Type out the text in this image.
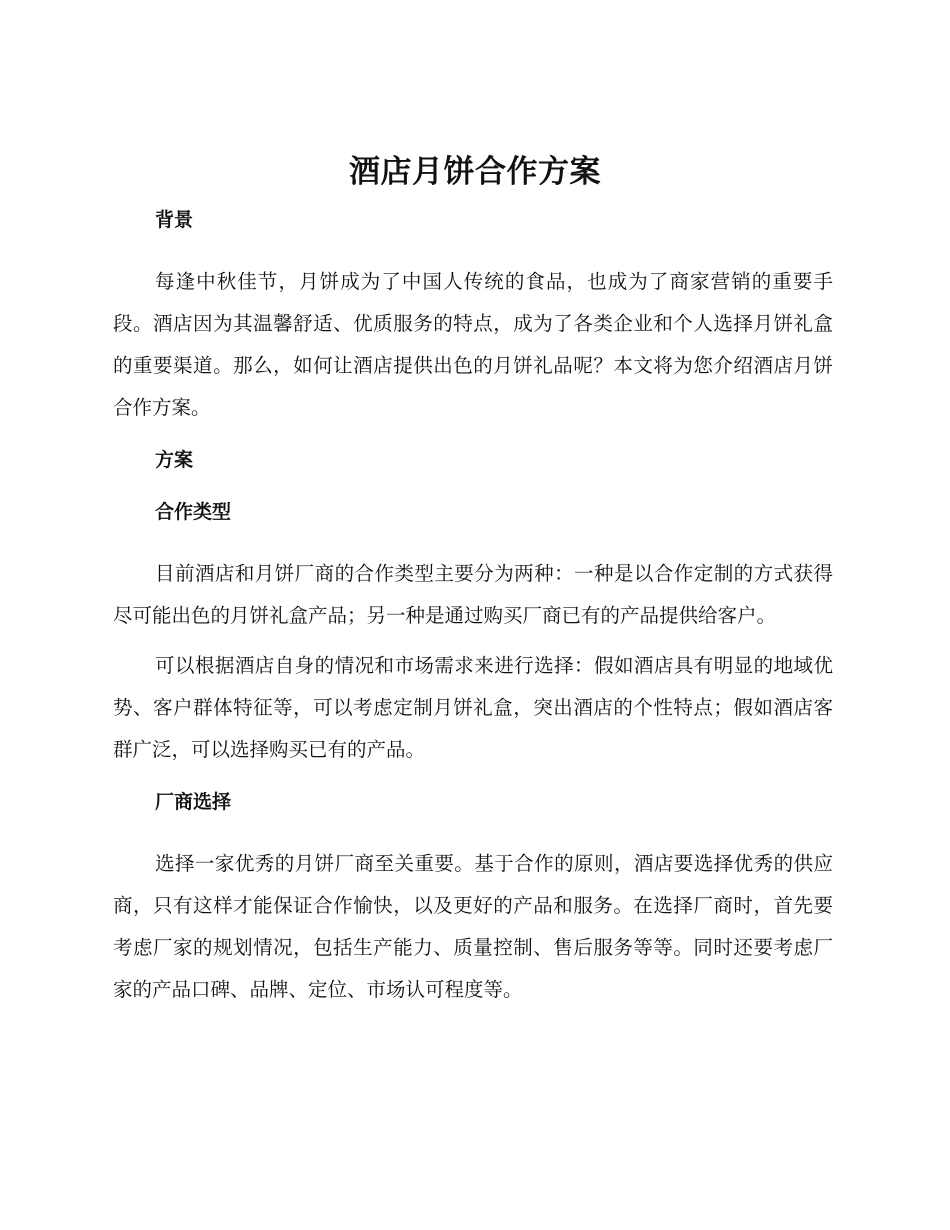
酒店月饼合作方案
背景

每逢中秋佳节，月饼成为了中国人传统的食品，也成为了商家营销的重要手段。酒店因为其温馨舒适、优质服务的特点，成为了各类企业和个人选择月饼礼盒的重要渠道。那么，如何让酒店提供出色的月饼礼品呢？本文将为您介绍酒店月饼合作方案。

方案
合作类型

目前酒店和月饼厂商的合作类型主要分为两种：一种是以合作定制的方式获得尽可能出色的月饼礼盒产品；另一种是通过购买厂商已有的产品提供给客户。

可以根据酒店自身的情况和市场需求来进行选择：假如酒店具有明显的地域优势、客户群体特征等，可以考虑定制月饼礼盒，突出酒店的个性特点；假如酒店客群广泛，可以选择购买已有的产品。

厂商选择

选择一家优秀的月饼厂商至关重要。基于合作的原则，酒店要选择优秀的供应商，只有这样才能保证合作愉快，以及更好的产品和服务。在选择厂商时，首先要考虑厂家的规划情况，包括生产能力、质量控制、售后服务等等。同时还要考虑厂家的产品口碑、品牌、定位、市场认可程度等。
